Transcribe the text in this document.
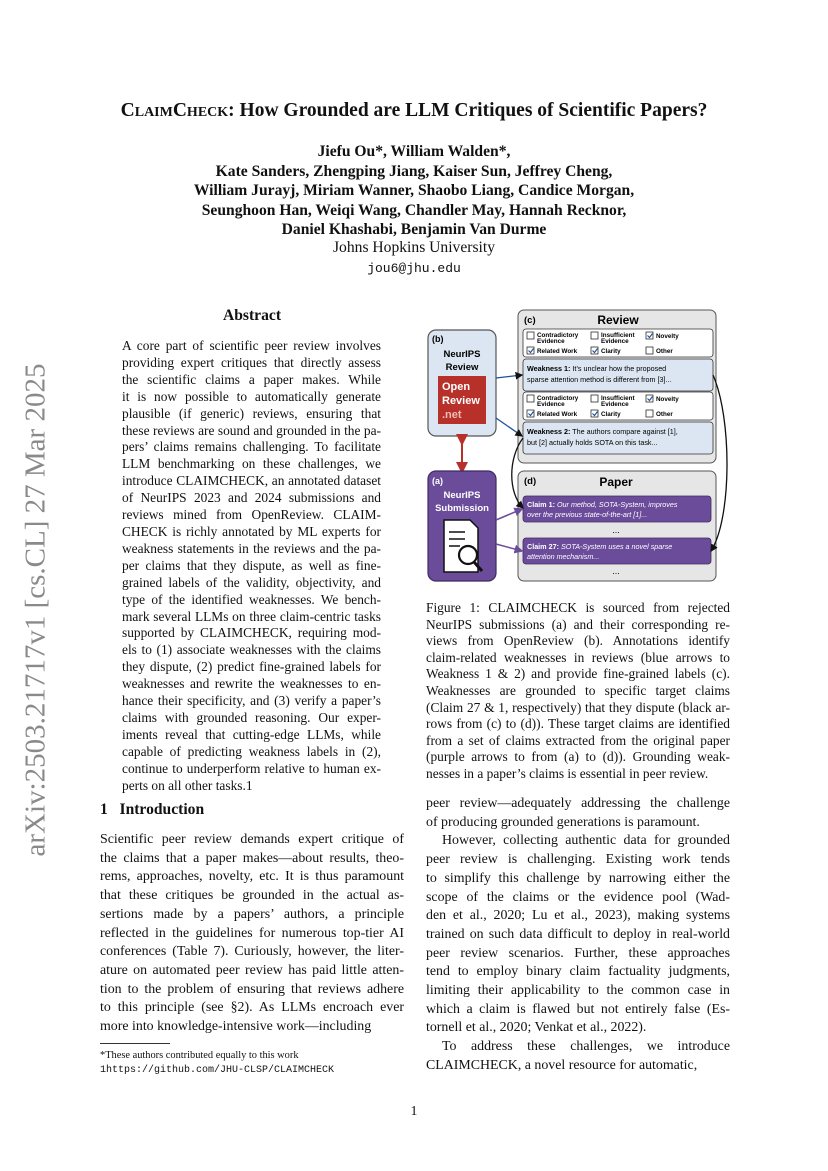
ClaimCheck: How Grounded are LLM Critiques of Scientific Papers?
Jiefu Ou*, William Walden*,
Kate Sanders, Zhengping Jiang, Kaiser Sun, Jeffrey Cheng,
William Jurayj, Miriam Wanner, Shaobo Liang, Candice Morgan,
Seunghoon Han, Weiqi Wang, Chandler May, Hannah Recknor,
Daniel Khashabi, Benjamin Van Durme
Johns Hopkins University
jou6@jhu.edu
arXiv:2503.21717v1 [cs.CL] 27 Mar 2025
Abstract
A core part of scientific peer review involves
providing expert critiques that directly assess
the scientific claims a paper makes. While
it is now possible to automatically generate
plausible (if generic) reviews, ensuring that
these reviews are sound and grounded in the pa-
pers’ claims remains challenging. To facilitate
LLM benchmarking on these challenges, we
introduce CLAIMCHECK, an annotated dataset
of NeurIPS 2023 and 2024 submissions and
reviews mined from OpenReview. CLAIM-
CHECK is richly annotated by ML experts for
weakness statements in the reviews and the pa-
per claims that they dispute, as well as fine-
grained labels of the validity, objectivity, and
type of the identified weaknesses. We bench-
mark several LLMs on three claim-centric tasks
supported by CLAIMCHECK, requiring mod-
els to (1) associate weaknesses with the claims
they dispute, (2) predict fine-grained labels for
weaknesses and rewrite the weaknesses to en-
hance their specificity, and (3) verify a paper’s
claims with grounded reasoning. Our exper-
iments reveal that cutting-edge LLMs, while
capable of predicting weakness labels in (2),
continue to underperform relative to human ex-
perts on all other tasks.1
1 Introduction
Scientific peer review demands expert critique of
the claims that a paper makes—about results, theo-
rems, approaches, novelty, etc. It is thus paramount
that these critiques be grounded in the actual as-
sertions made by a papers’ authors, a principle
reflected in the guidelines for numerous top-tier AI
conferences (Table 7). Curiously, however, the liter-
ature on automated peer review has paid little atten-
tion to the problem of ensuring that reviews adhere
to this principle (see §2). As LLMs encroach ever
more into knowledge-intensive work—including
*These authors contributed equally to this work
1https://github.com/JHU-CLSP/CLAIMCHECK
(c)	Review
Contradictory
Evidence
Insufficient
Evidence
Novelty
Related Work	Clarity	Other
Weakness 1: It’s unclear how the proposed
sparse attention method is different from [3]...
Contradictory
Evidence
Insufficient
Evidence
Novelty
Related Work	Clarity	Other
Weakness 2: The authors compare against [1],
but [2] actually holds SOTA on this task...
(b)
NeurIPS
Review
Open
Review
.net
(a)
NeurIPS
Submission
(d)	Paper
Claim 1: Our method, SOTA-System, improves
over the previous state-of-the-art [1]...
...
Claim 27: SOTA-System uses a novel sparse
attention mechanism...
...
Figure 1: CLAIMCHECK is sourced from rejected
NeurIPS submissions (a) and their corresponding re-
views from OpenReview (b). Annotations identify
claim-related weaknesses in reviews (blue arrows to
Weakness 1 & 2) and provide fine-grained labels (c).
Weaknesses are grounded to specific target claims
(Claim 27 & 1, respectively) that they dispute (black ar-
rows from (c) to (d)). These target claims are identified
from a set of claims extracted from the original paper
(purple arrows to from (a) to (d)). Grounding weak-
nesses in a paper’s claims is essential in peer review.
peer review—adequately addressing the challenge
of producing grounded generations is paramount.
However, collecting authentic data for grounded
peer review is challenging. Existing work tends
to simplify this challenge by narrowing either the
scope of the claims or the evidence pool (Wad-
den et al., 2020; Lu et al., 2023), making systems
trained on such data difficult to deploy in real-world
peer review scenarios. Further, these approaches
tend to employ binary claim factuality judgments,
limiting their applicability to the common case in
which a claim is flawed but not entirely false (Es-
tornell et al., 2020; Venkat et al., 2022).
To address these challenges, we introduce
CLAIMCHECK, a novel resource for automatic,
1
